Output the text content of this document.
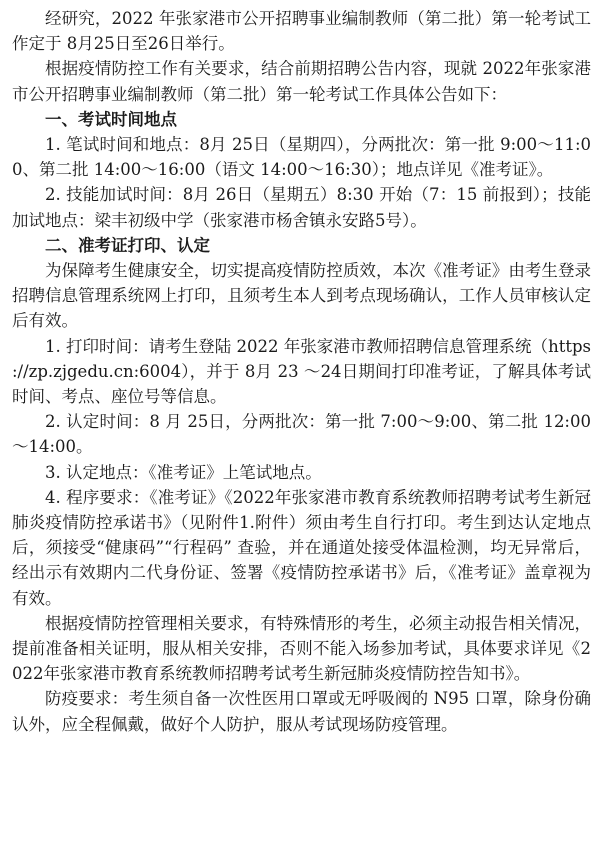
经研究，2022 年张家港市公开招聘事业编制教师（第二批）第一轮考试工作定于 8月25日至26日举行。

根据疫情防控工作有关要求，结合前期招聘公告内容，现就 2022年张家港市公开招聘事业编制教师（第二批）第一轮考试工作具体公告如下：

一、考试时间地点

1. 笔试时间和地点：8月 25日（星期四），分两批次：第一批 9:00～11:00、第二批 14:00～16:00（语文 14:00～16:30）；地点详见《准考证》。

2. 技能加试时间：8月 26日（星期五）8:30 开始（7：15 前报到）；技能加试地点：梁丰初级中学（张家港市杨舍镇永安路5号）。

二、准考证打印、认定

为保障考生健康安全，切实提高疫情防控质效，本次《准考证》由考生登录招聘信息管理系统网上打印，且须考生本人到考点现场确认，工作人员审核认定后有效。

1. 打印时间：请考生登陆 2022 年张家港市教师招聘信息管理系统（https://zp.zjgedu.cn:6004），并于 8月 23 ～24日期间打印准考证，了解具体考试时间、考点、座位号等信息。

2. 认定时间：8 月 25日，分两批次：第一批 7:00～9:00、第二批 12:00～14:00。

3. 认定地点：《准考证》上笔试地点。

4. 程序要求：《准考证》《2022年张家港市教育系统教师招聘考试考生新冠肺炎疫情防控承诺书》（见附件1.附件）须由考生自行打印。考生到达认定地点后，须接受“健康码”“行程码” 查验，并在通道处接受体温检测，均无异常后，经出示有效期内二代身份证、签署《疫情防控承诺书》后，《准考证》盖章视为有效。

根据疫情防控管理相关要求，有特殊情形的考生，必须主动报告相关情况，提前准备相关证明，服从相关安排，否则不能入场参加考试，具体要求详见《2022年张家港市教育系统教师招聘考试考生新冠肺炎疫情防控告知书》。

防疫要求：考生须自备一次性医用口罩或无呼吸阀的 N95 口罩，除身份确认外，应全程佩戴，做好个人防护，服从考试现场防疫管理。
